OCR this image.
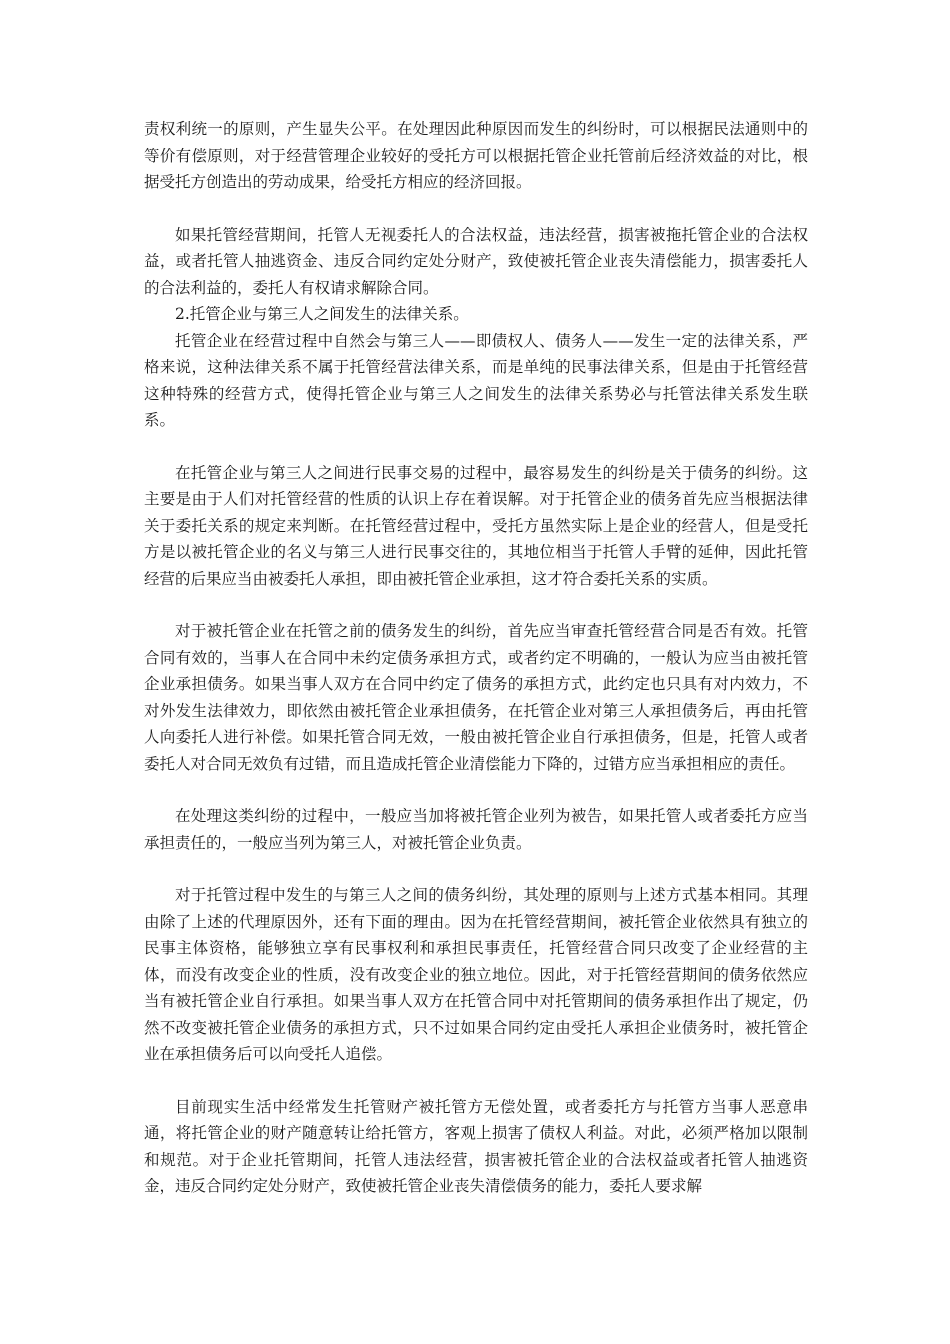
责权利统一的原则，产生显失公平。在处理因此种原因而发生的纠纷时，可以根据民法通则中的等价有偿原则，对于经营管理企业较好的受托方可以根据托管企业托管前后经济效益的对比，根据受托方创造出的劳动成果，给受托方相应的经济回报。

如果托管经营期间，托管人无视委托人的合法权益，违法经营，损害被拖托管企业的合法权益，或者托管人抽逃资金、违反合同约定处分财产，致使被托管企业丧失清偿能力，损害委托人的合法利益的，委托人有权请求解除合同。

2.托管企业与第三人之间发生的法律关系。

托管企业在经营过程中自然会与第三人——即债权人、债务人——发生一定的法律关系，严格来说，这种法律关系不属于托管经营法律关系，而是单纯的民事法律关系，但是由于托管经营这种特殊的经营方式，使得托管企业与第三人之间发生的法律关系势必与托管法律关系发生联系。

在托管企业与第三人之间进行民事交易的过程中，最容易发生的纠纷是关于债务的纠纷。这主要是由于人们对托管经营的性质的认识上存在着误解。对于托管企业的债务首先应当根据法律关于委托关系的规定来判断。在托管经营过程中，受托方虽然实际上是企业的经营人，但是受托方是以被托管企业的名义与第三人进行民事交往的，其地位相当于托管人手臂的延伸，因此托管经营的后果应当由被委托人承担，即由被托管企业承担，这才符合委托关系的实质。

对于被托管企业在托管之前的债务发生的纠纷，首先应当审查托管经营合同是否有效。托管合同有效的，当事人在合同中未约定债务承担方式，或者约定不明确的，一般认为应当由被托管企业承担债务。如果当事人双方在合同中约定了债务的承担方式，此约定也只具有对内效力，不对外发生法律效力，即依然由被托管企业承担债务，在托管企业对第三人承担债务后，再由托管人向委托人进行补偿。如果托管合同无效，一般由被托管企业自行承担债务，但是，托管人或者委托人对合同无效负有过错，而且造成托管企业清偿能力下降的，过错方应当承担相应的责任。

在处理这类纠纷的过程中，一般应当加将被托管企业列为被告，如果托管人或者委托方应当承担责任的，一般应当列为第三人，对被托管企业负责。

对于托管过程中发生的与第三人之间的债务纠纷，其处理的原则与上述方式基本相同。其理由除了上述的代理原因外，还有下面的理由。因为在托管经营期间，被托管企业依然具有独立的民事主体资格，能够独立享有民事权利和承担民事责任，托管经营合同只改变了企业经营的主体，而没有改变企业的性质，没有改变企业的独立地位。因此，对于托管经营期间的债务依然应当有被托管企业自行承担。如果当事人双方在托管合同中对托管期间的债务承担作出了规定，仍然不改变被托管企业债务的承担方式，只不过如果合同约定由受托人承担企业债务时，被托管企业在承担债务后可以向受托人追偿。

目前现实生活中经常发生托管财产被托管方无偿处置，或者委托方与托管方当事人恶意串通，将托管企业的财产随意转让给托管方，客观上损害了债权人利益。对此，必须严格加以限制和规范。对于企业托管期间，托管人违法经营，损害被托管企业的合法权益或者托管人抽逃资金，违反合同约定处分财产，致使被托管企业丧失清偿债务的能力，委托人要求解
